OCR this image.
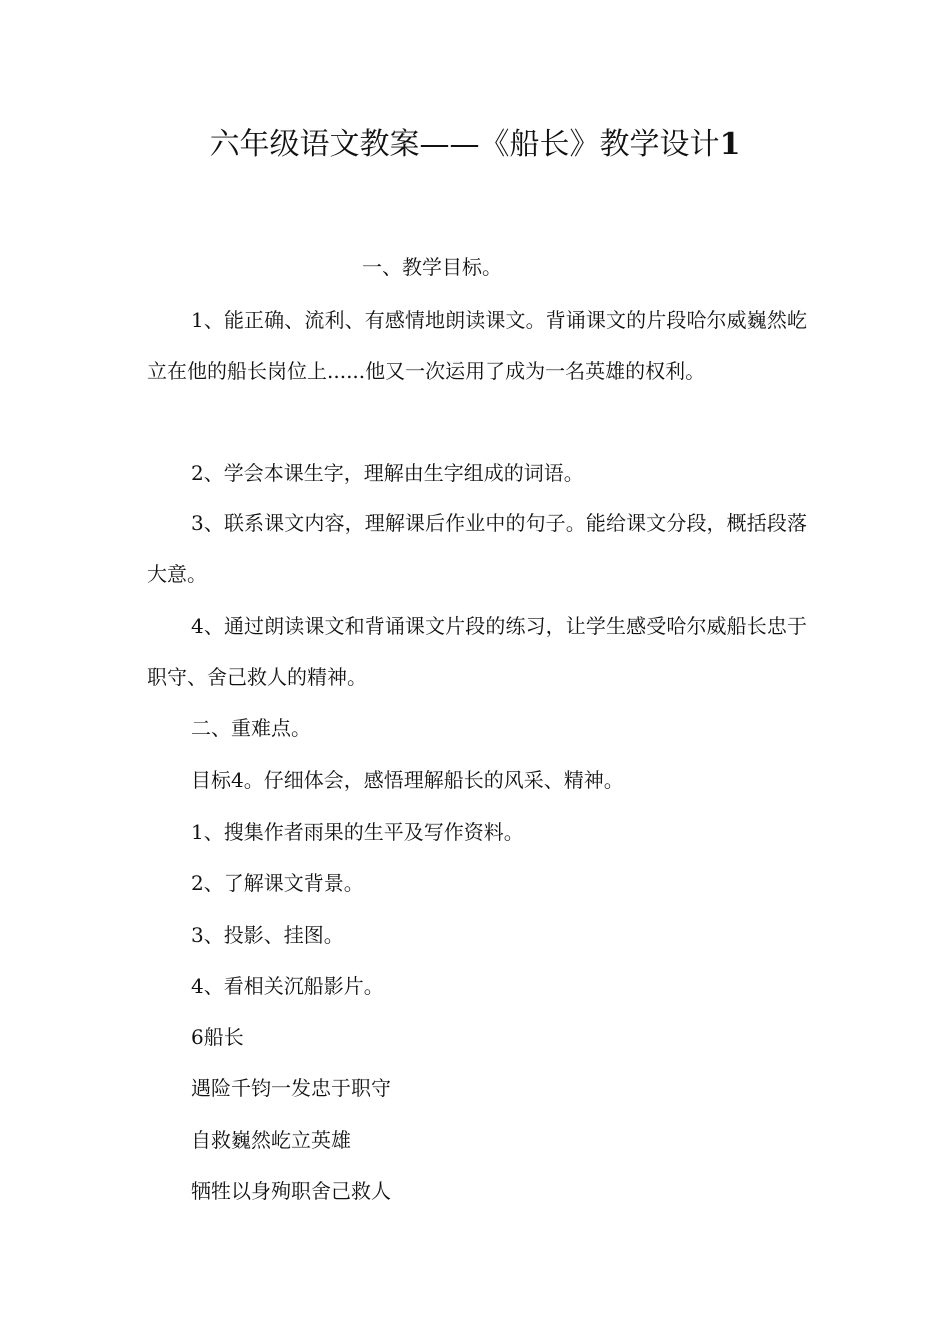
六年级语文教案——《船长》教学设计1
一、教学目标。
1、能正确、流利、有感情地朗读课文。背诵课文的片段哈尔威巍然屹立在他的船长岗位上......他又一次运用了成为一名英雄的权利。
2、学会本课生字，理解由生字组成的词语。
3、联系课文内容，理解课后作业中的句子。能给课文分段，概括段落大意。
4、通过朗读课文和背诵课文片段的练习，让学生感受哈尔威船长忠于职守、舍己救人的精神。
二、重难点。
目标4。仔细体会，感悟理解船长的风采、精神。
1、搜集作者雨果的生平及写作资料。
2、了解课文背景。
3、投影、挂图。
4、看相关沉船影片。
6船长
遇险千钧一发忠于职守
自救巍然屹立英雄
牺牲以身殉职舍己救人
